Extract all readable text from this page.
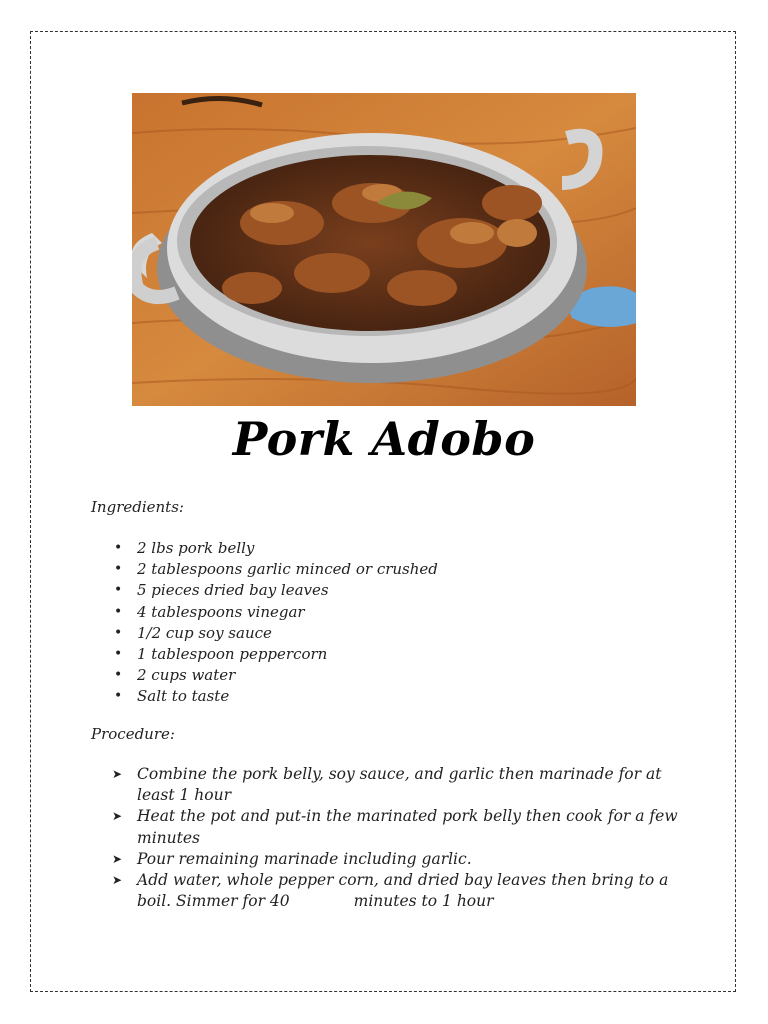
Pork Adobo
Ingredients:
• 2 lbs pork belly
• 2 tablespoons garlic minced or crushed
• 5 pieces dried bay leaves
• 4 tablespoons vinegar
• 1/2 cup soy sauce
• 1 tablespoon peppercorn
• 2 cups water
• Salt to taste
Procedure:
➤ Combine the pork belly, soy sauce, and garlic then marinade for at least 1 hour
➤ Heat the pot and put-in the marinated pork belly then cook for a few minutes
➤ Pour remaining marinade including garlic.
➤ Add water, whole pepper corn, and dried bay leaves then bring to a boil. Simmer for 40	minutes to 1 hour
